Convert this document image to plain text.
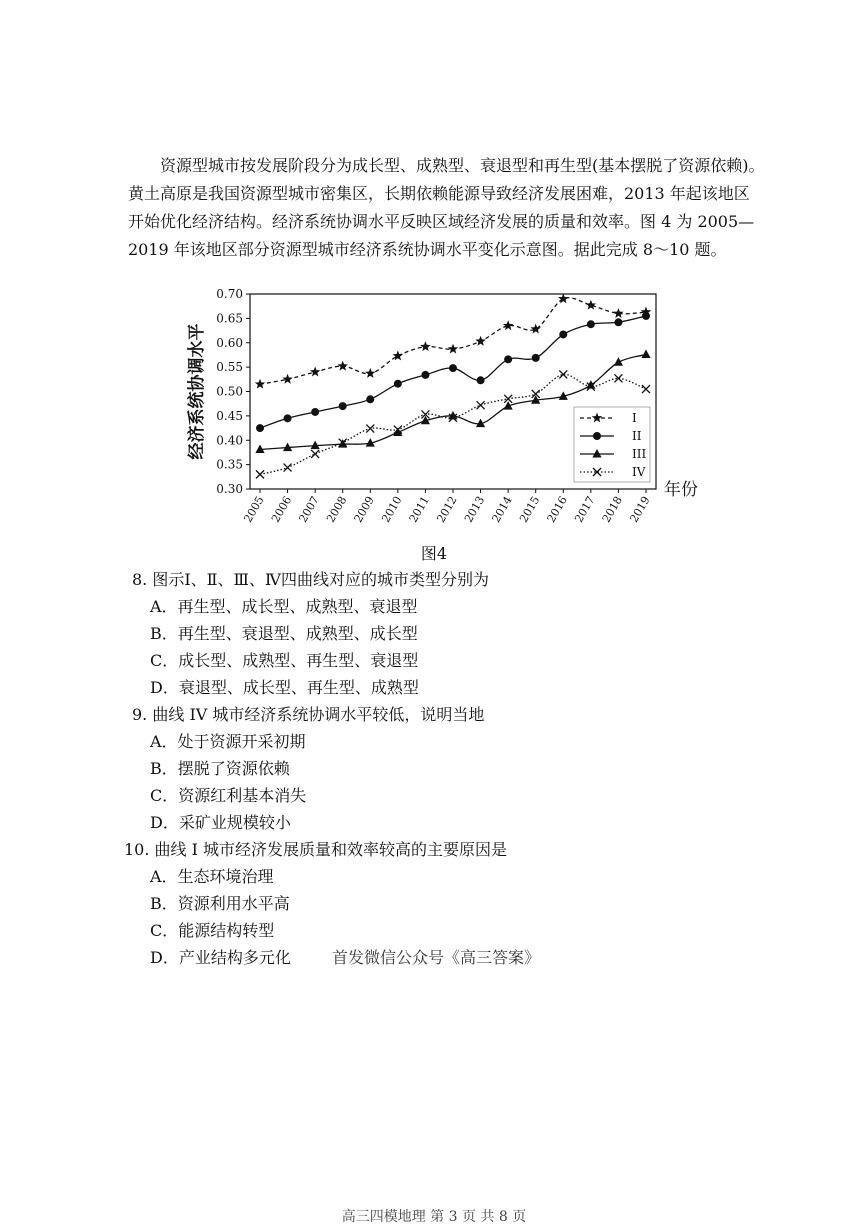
资源型城市按发展阶段分为成长型、成熟型、衰退型和再生型(基本摆脱了资源依赖)。

黄土高原是我国资源型城市密集区，长期依赖能源导致经济发展困难，2013 年起该地区

开始优化经济结构。经济系统协调水平反映区域经济发展的质量和效率。图 4 为 2005—

2019 年该地区部分资源型城市经济系统协调水平变化示意图。据此完成 8～10 题。

0.30
0.35
0.40
0.45
0.50
0.55
0.60
0.65
0.70
2005 2006 2007 2008 2009 2010 2011 2012 2013 2014 2015 2016 2017 2018 2019
经济系统协调水平
年份
I
II
III
IV
图4
8. 图示Ⅰ、Ⅱ、Ⅲ、Ⅳ四曲线对应的城市类型分别为
A．再生型、成长型、成熟型、衰退型
B．再生型、衰退型、成熟型、成长型
C．成长型、成熟型、再生型、衰退型
D．衰退型、成长型、再生型、成熟型
9. 曲线 IV 城市经济系统协调水平较低，说明当地
A．处于资源开采初期
B．摆脱了资源依赖
C．资源红利基本消失
D．采矿业规模较小
10. 曲线 I 城市经济发展质量和效率较高的主要原因是
A．生态环境治理
B．资源利用水平高
C．能源结构转型
D．产业结构多元化	首发微信公众号《高三答案》
高三四模地理 第 3 页 共 8 页
